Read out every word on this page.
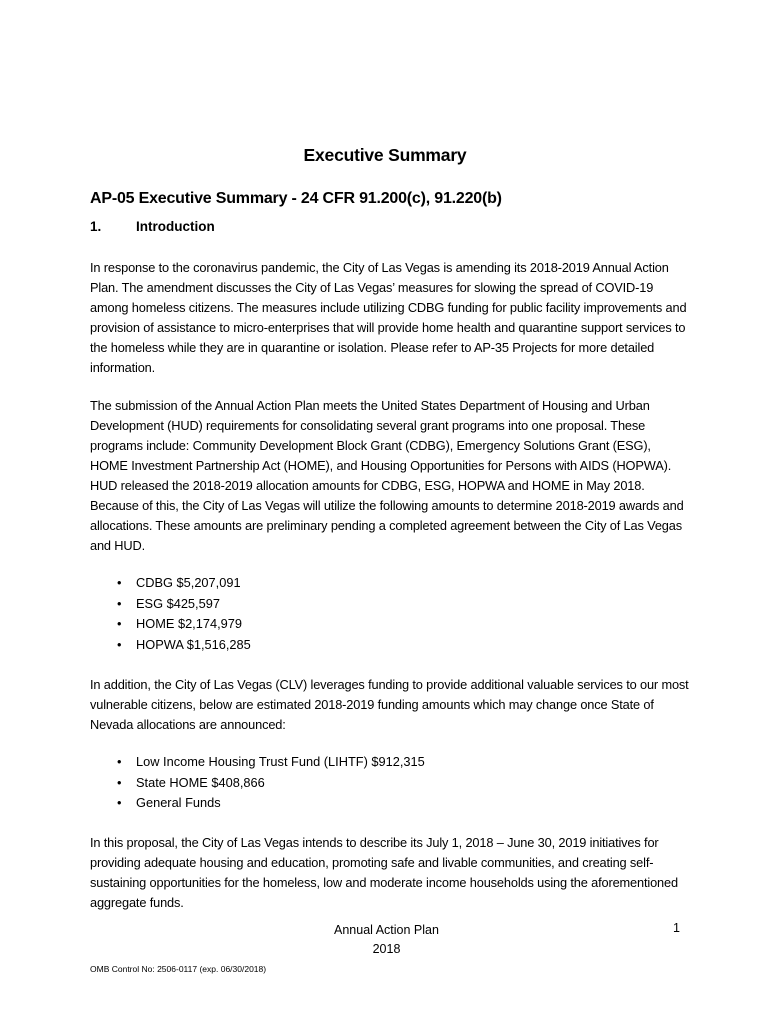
Executive Summary
AP-05 Executive Summary - 24 CFR 91.200(c), 91.220(b)
1.	Introduction

In response to the coronavirus pandemic, the City of Las Vegas is amending its 2018-2019 Annual Action Plan. The amendment discusses the City of Las Vegas’ measures for slowing the spread of COVID-19 among homeless citizens. The measures include utilizing CDBG funding for public facility improvements and provision of assistance to micro-enterprises that will provide home health and quarantine support services to the homeless while they are in quarantine or isolation. Please refer to AP-35 Projects for more detailed information.

The submission of the Annual Action Plan meets the United States Department of Housing and Urban Development (HUD) requirements for consolidating several grant programs into one proposal. These programs include: Community Development Block Grant (CDBG), Emergency Solutions Grant (ESG), HOME Investment Partnership Act (HOME), and Housing Opportunities for Persons with AIDS (HOPWA). HUD released the 2018-2019 allocation amounts for CDBG, ESG, HOPWA and HOME in May 2018. Because of this, the City of Las Vegas will utilize the following amounts to determine 2018-2019 awards and allocations. These amounts are preliminary pending a completed agreement between the City of Las Vegas and HUD.

• CDBG $5,207,091
• ESG $425,597
• HOME $2,174,979
• HOPWA $1,516,285

In addition, the City of Las Vegas (CLV) leverages funding to provide additional valuable services to our most vulnerable citizens, below are estimated 2018-2019 funding amounts which may change once State of Nevada allocations are announced:

• Low Income Housing Trust Fund (LIHTF) $912,315
• State HOME $408,866
• General Funds

In this proposal, the City of Las Vegas intends to describe its July 1, 2018 – June 30, 2019 initiatives for providing adequate housing and education, promoting safe and livable communities, and creating self-sustaining opportunities for the homeless, low and moderate income households using the aforementioned aggregate funds.

Annual Action Plan
2018
1
OMB Control No: 2506-0117 (exp. 06/30/2018)
